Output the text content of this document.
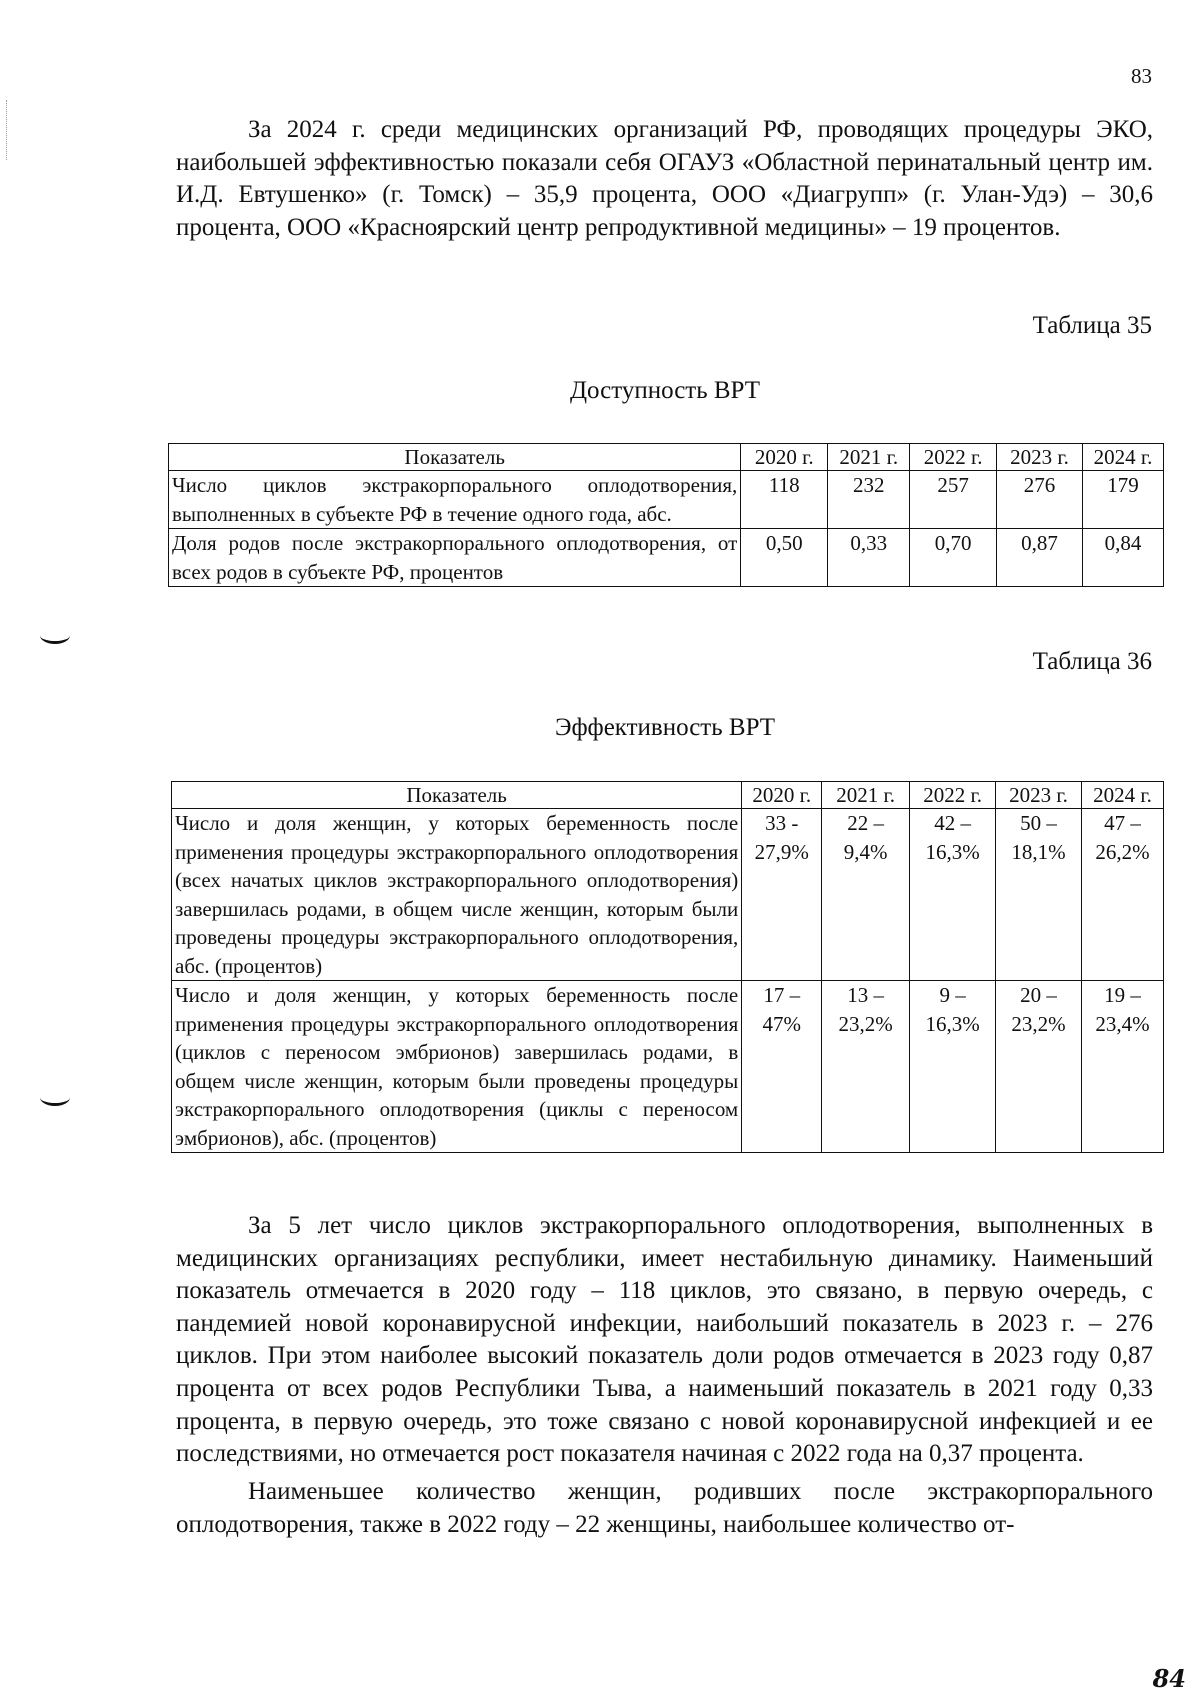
83

За 2024 г. среди медицинских организаций РФ, проводящих процедуры ЭКО, наибольшей эффективностью показали себя ОГАУЗ «Областной перинатальный центр им. И.Д. Евтушенко» (г. Томск) – 35,9 процента, ООО «Диагрупп» (г. Улан-Удэ) – 30,6 процента, ООО «Красноярский центр репродуктивной медицины» – 19 процентов.

Таблица 35
Доступность ВРТ
Показатель	2020 г.	2021 г.	2022 г.	2023 г.	2024 г.
Число циклов экстракорпорального оплодотворения, выполненных в субъекте РФ в течение одного года, абс.	118	232	257	276	179
Доля родов после экстракорпорального оплодотворения, от всех родов в субъекте РФ, процентов	0,50	0,33	0,70	0,87	0,84
Таблица 36
Эффективность ВРТ
Показатель	2020 г.	2021 г.	2022 г.	2023 г.	2024 г.
Число и доля женщин, у которых беременность после применения процедуры экстракорпорального оплодотворения (всех начатых циклов экстракорпорального оплодотворения) завершилась родами, в общем числе женщин, которым были проведены процедуры экстракорпорального оплодотворения, абс. (процентов)	33 - 27,9%	22 – 9,4%	42 – 16,3%	50 – 18,1%	47 – 26,2%
Число и доля женщин, у которых беременность после применения процедуры экстракорпорального оплодотворения (циклов с переносом эмбрионов) завершилась родами, в общем числе женщин, которым были проведены процедуры экстракорпорального оплодотворения (циклы с переносом эмбрионов), абс. (процентов)	17 – 47%	13 – 23,2%	9 – 16,3%	20 – 23,2%	19 – 23,4%

За 5 лет число циклов экстракорпорального оплодотворения, выполненных в медицинских организациях республики, имеет нестабильную динамику. Наименьший показатель отмечается в 2020 году – 118 циклов, это связано, в первую очередь, с пандемией новой коронавирусной инфекции, наибольший показатель в 2023 г. – 276 циклов. При этом наиболее высокий показатель доли родов отмечается в 2023 году 0,87 процента от всех родов Республики Тыва, а наименьший показатель в 2021 году 0,33 процента, в первую очередь, это тоже связано с новой коронавирусной инфекцией и ее последствиями, но отмечается рост показателя начиная с 2022 года на 0,37 процента.

Наименьшее количество женщин, родивших после экстракорпорального оплодотворения, также в 2022 году – 22 женщины, наибольшее количество от-

84
